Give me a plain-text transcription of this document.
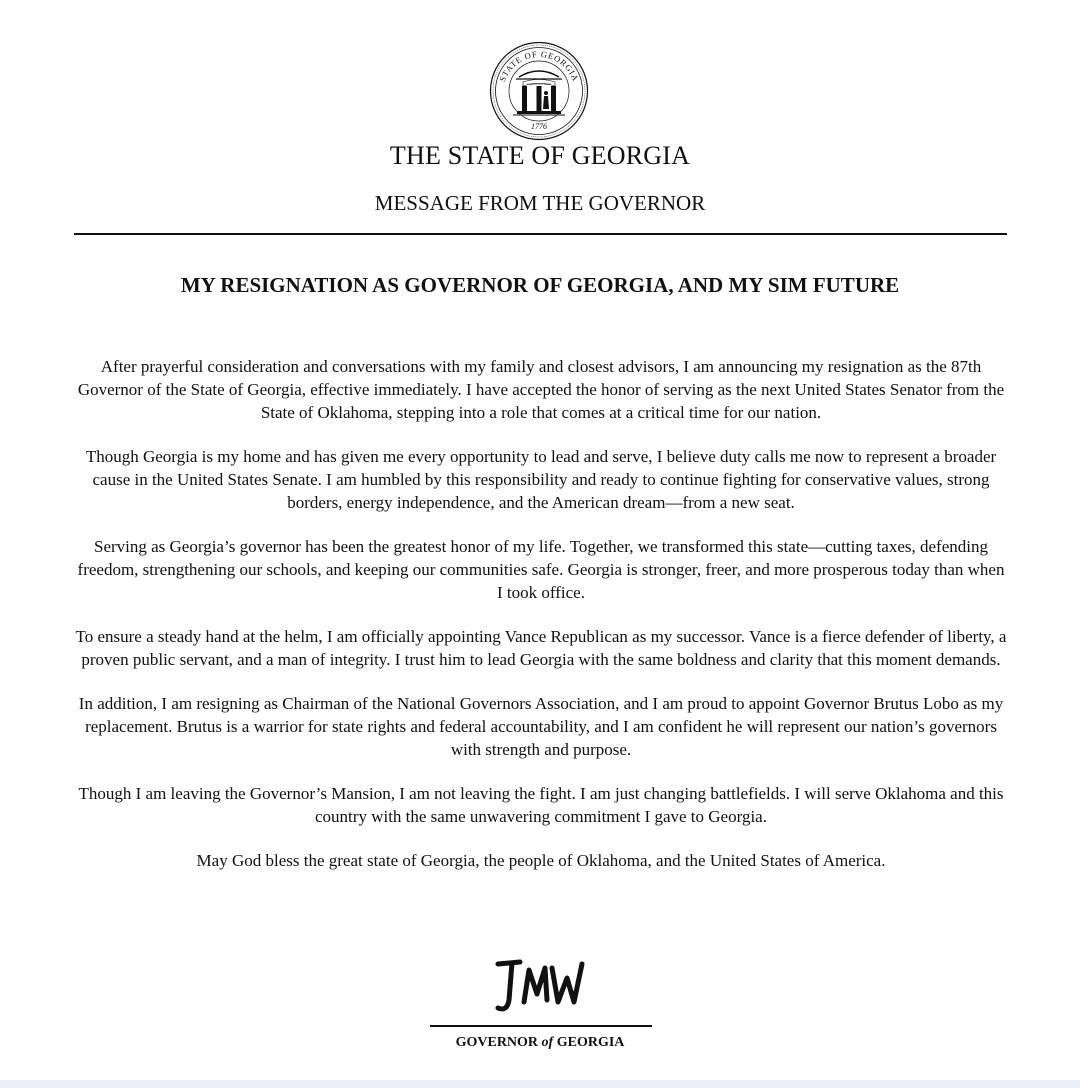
STATE OF GEORGIA
CONSTITUTION
1776
THE STATE OF GEORGIA
MESSAGE FROM THE GOVERNOR
MY RESIGNATION AS GOVERNOR OF GEORGIA, AND MY SIM FUTURE

After prayerful consideration and conversations with my family and closest advisors, I am announcing my resignation as the 87th Governor of the State of Georgia, effective immediately. I have accepted the honor of serving as the next United States Senator from the State of Oklahoma, stepping into a role that comes at a critical time for our nation.

Though Georgia is my home and has given me every opportunity to lead and serve, I believe duty calls me now to represent a broader cause in the United States Senate. I am humbled by this responsibility and ready to continue fighting for conservative values, strong borders, energy independence, and the American dream—from a new seat.

Serving as Georgia’s governor has been the greatest honor of my life. Together, we transformed this state—cutting taxes, defending freedom, strengthening our schools, and keeping our communities safe. Georgia is stronger, freer, and more prosperous today than when I took office.

To ensure a steady hand at the helm, I am officially appointing Vance Republican as my successor. Vance is a fierce defender of liberty, a proven public servant, and a man of integrity. I trust him to lead Georgia with the same boldness and clarity that this moment demands.

In addition, I am resigning as Chairman of the National Governors Association, and I am proud to appoint Governor Brutus Lobo as my replacement. Brutus is a warrior for state rights and federal accountability, and I am confident he will represent our nation’s governors with strength and purpose.

Though I am leaving the Governor’s Mansion, I am not leaving the fight. I am just changing battlefields. I will serve Oklahoma and this country with the same unwavering commitment I gave to Georgia.

May God bless the great state of Georgia, the people of Oklahoma, and the United States of America.

GOVERNOR of GEORGIA
